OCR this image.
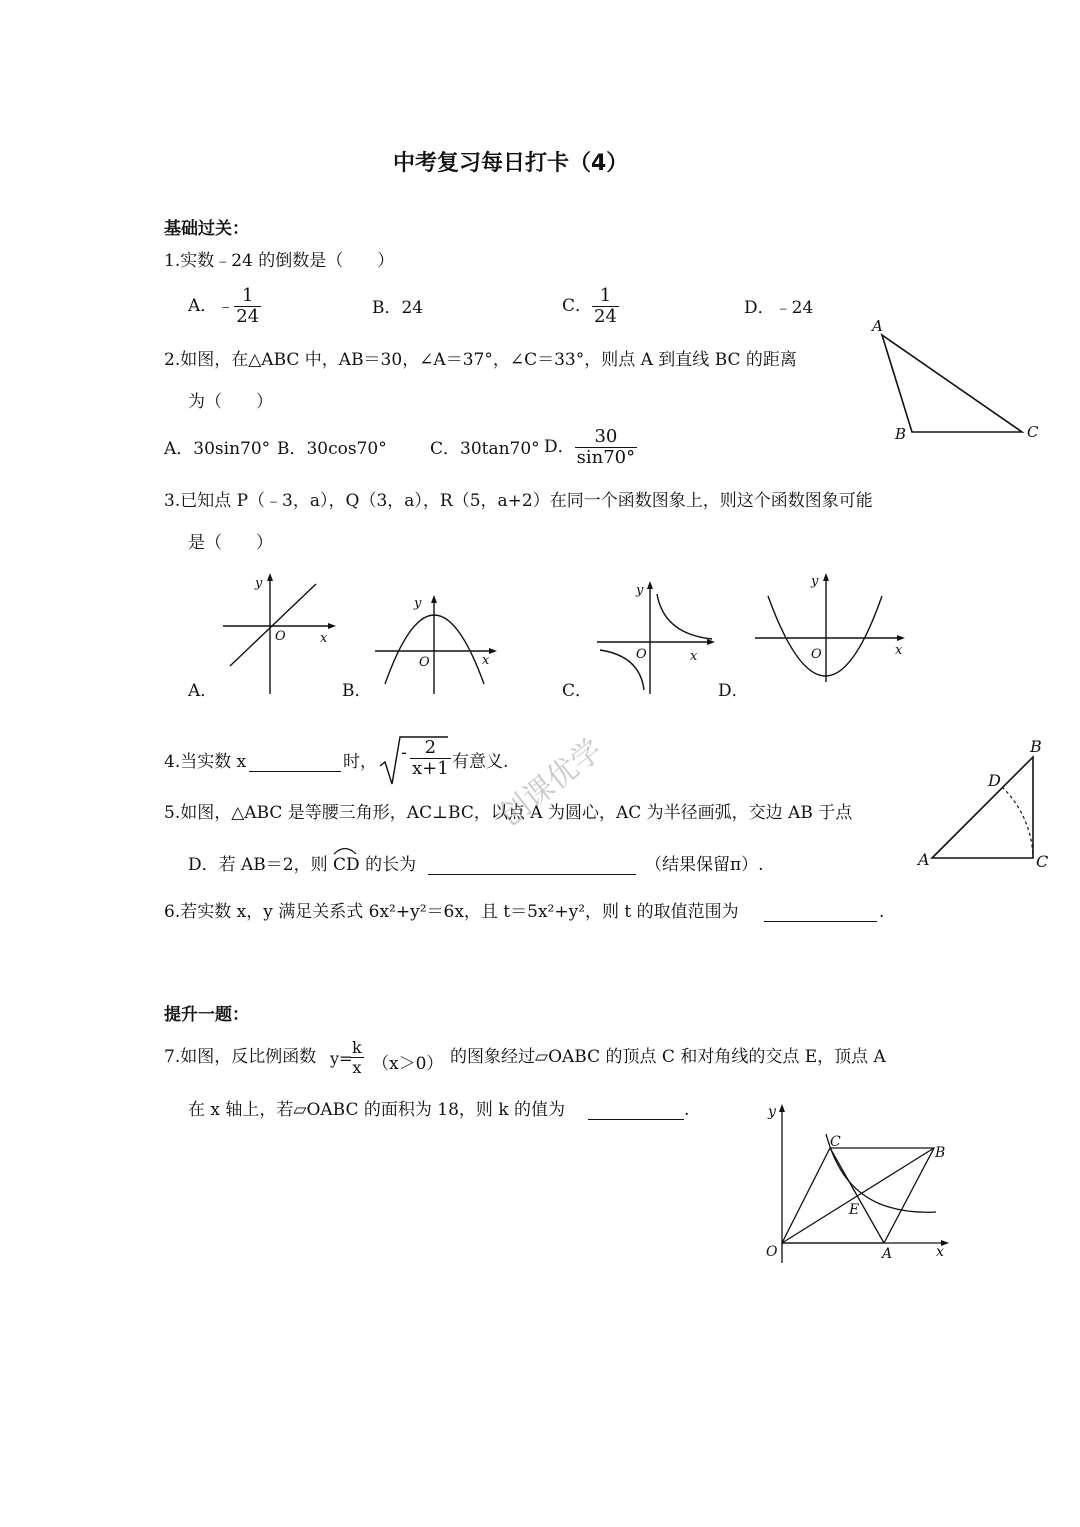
中考复习每日打卡（4）
基础过关：
1.实数﹣24 的倒数是（　　）
A．﹣ $\frac{1}{24}$	B．24	C． $\frac{1}{24}$	D．﹣24
2.如图，在△ABC 中，AB＝30，∠A＝37°，∠C＝33°，则点 A 到直线 BC 的距离
为（　　）
A．30sin70° B．30cos70°	C．30tan70° D． $\frac{30}{\sin 70^\circ}$
A
B	C
3.已知点 P（﹣3，a），Q（3，a），R（5，a+2）在同一个函数图象上，则这个函数图象可能
是（　　）
y
O	x
A．
y
O	x
B．
y
O	x
C．
y
O	x
D．
4.当实数 x	时， - $\frac{2}{x+1}$ 有意义.
创课优学
5.如图，△ABC 是等腰三角形，AC⊥BC，以点 A 为圆心，AC 为半径画弧，交边 AB 于点
D．若 AB＝2，则 CD 的长为	（结果保留π）.	A
B
C
D
6.若实数 x，y 满足关系式 6x²+y²＝6x，且 t＝5x²+y²，则 t 的取值范围为	.
提升一题：
7.如图，反比例函数 y=
$\frac{k}{x} (x>0)$ 的图象经过▱OABC 的顶点 C 和对角线的交点 E，顶点 A
在 x 轴上，若▱OABC 的面积为 18，则 k 的值为	.
O	A
B
C
E
x
y
